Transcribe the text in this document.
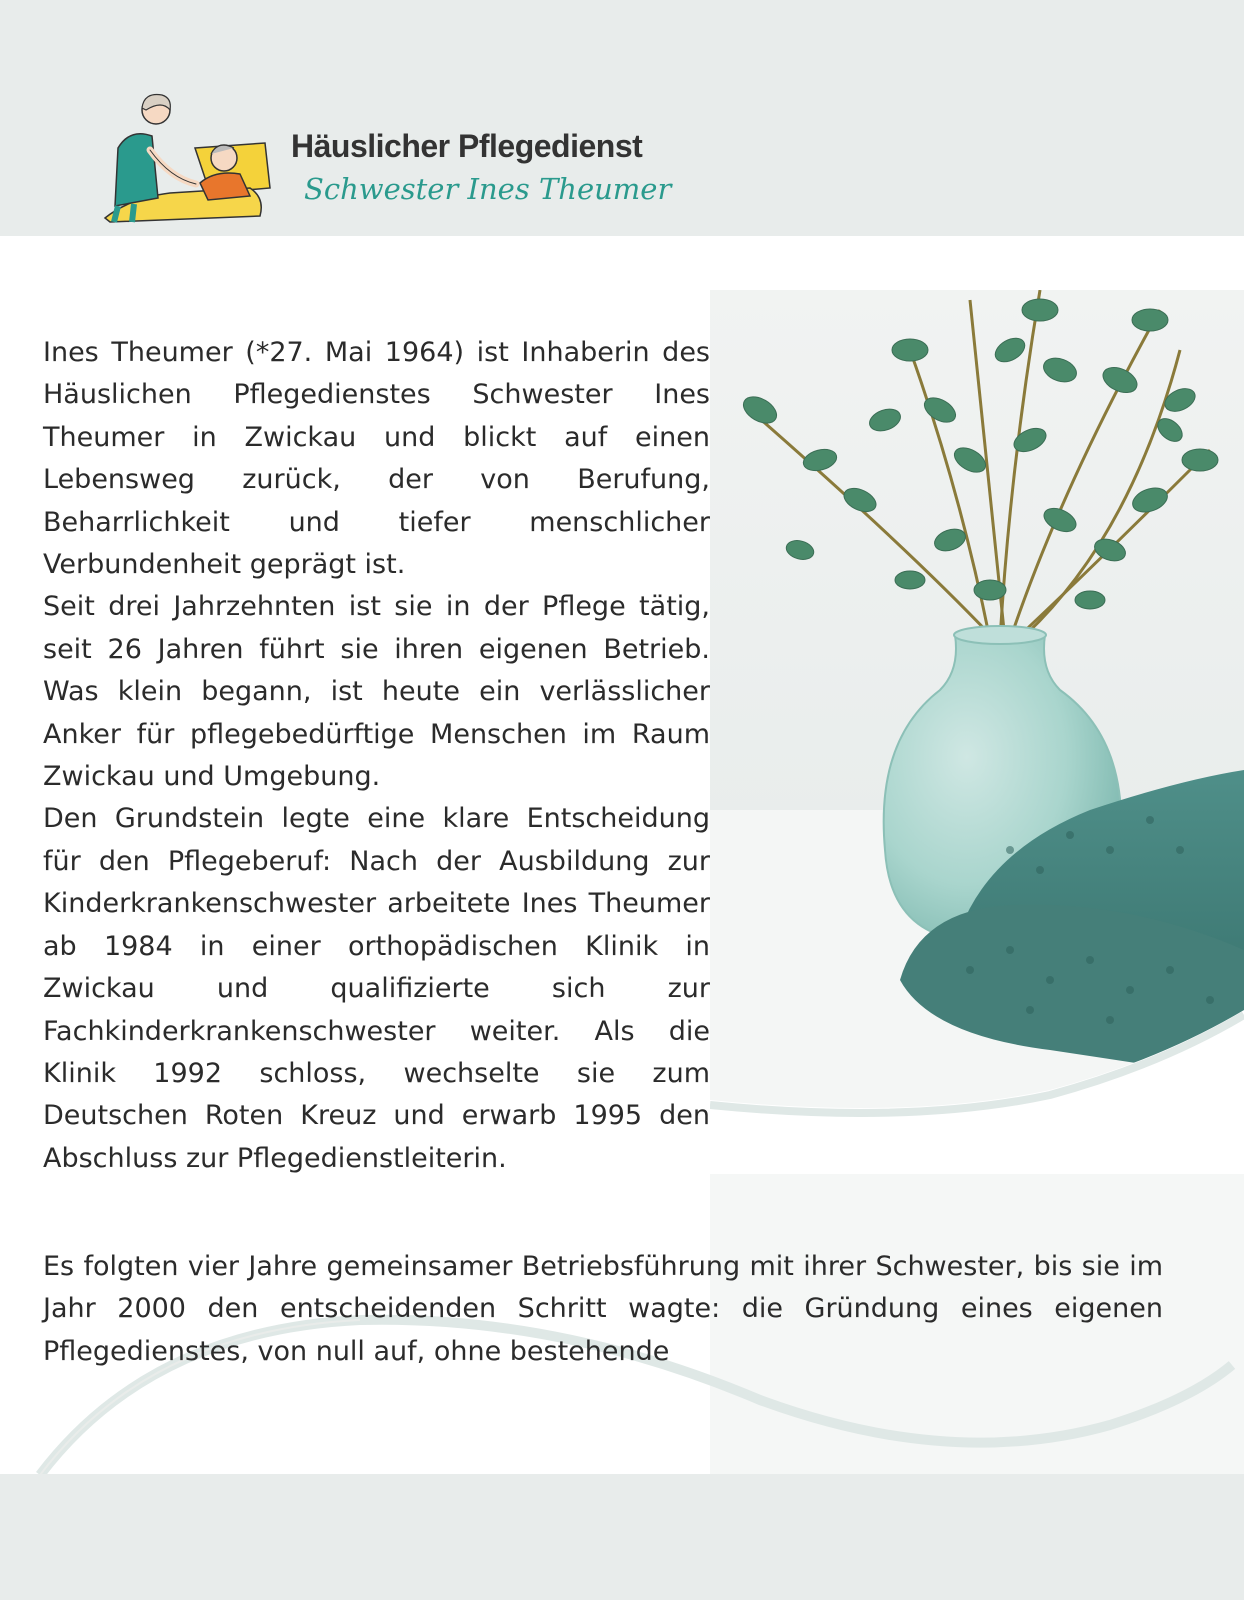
Häuslicher Pflegedienst
Schwester Ines Theumer

Ines Theumer (*27. Mai 1964) ist Inhaberin des Häuslichen Pflegedienstes Schwester Ines Theumer in Zwickau und blickt auf einen Lebensweg zurück, der von Berufung, Beharrlichkeit und tiefer menschlicher Verbundenheit geprägt ist.

Seit drei Jahrzehnten ist sie in der Pflege tätig, seit 26 Jahren führt sie ihren eigenen Betrieb. Was klein begann, ist heute ein verlässlicher Anker für pflegebedürftige Menschen im Raum Zwickau und Umgebung.

Den Grundstein legte eine klare Entscheidung für den Pflegeberuf: Nach der Ausbildung zur Kinderkrankenschwester arbeitete Ines Theumer ab 1984 in einer orthopädischen Klinik in Zwickau und qualifizierte sich zur Fachkinderkrankenschwester weiter. Als die Klinik 1992 schloss, wechselte sie zum Deutschen Roten Kreuz und erwarb 1995 den Abschluss zur Pflegedienstleiterin.

Es folgten vier Jahre gemeinsamer Betriebsführung mit ihrer Schwester, bis sie im Jahr 2000 den entscheidenden Schritt wagte: die Gründung eines eigenen Pflegedienstes, von null auf, ohne bestehende
